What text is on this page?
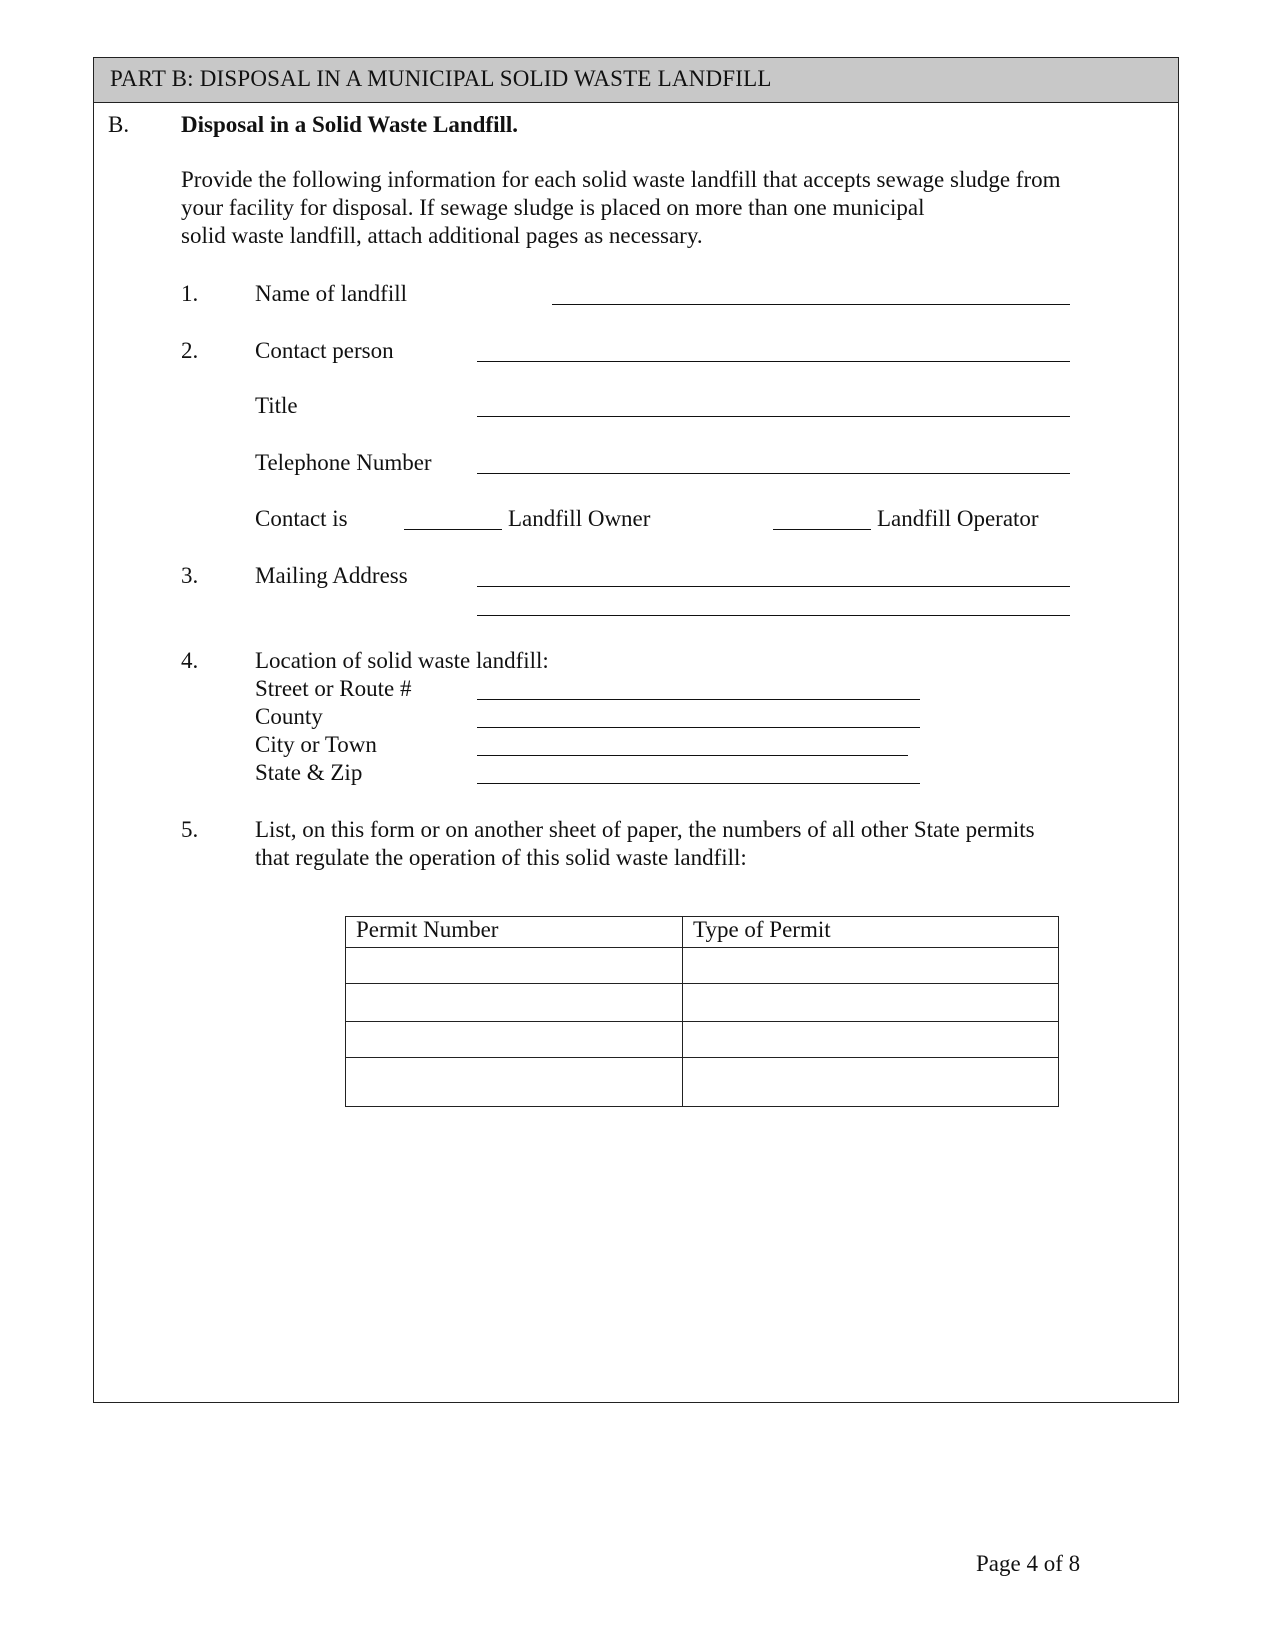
PART B: DISPOSAL IN A MUNICIPAL SOLID WASTE LANDFILL
B. Disposal in a Solid Waste Landfill.
Provide the following information for each solid waste landfill that accepts sewage sludge from
your facility for disposal. If sewage sludge is placed on more than one municipal
solid waste landfill, attach additional pages as necessary.
1. Name of landfill
2. Contact person
Title
Telephone Number
Contact is	Landfill Owner	Landfill Operator
3. Mailing Address
4. Location of solid waste landfill:
Street or Route #
County
City or Town
State & Zip
5. List, on this form or on another sheet of paper, the numbers of all other State permits
that regulate the operation of this solid waste landfill:
Permit Number	Type of Permit

Page 4 of 8
